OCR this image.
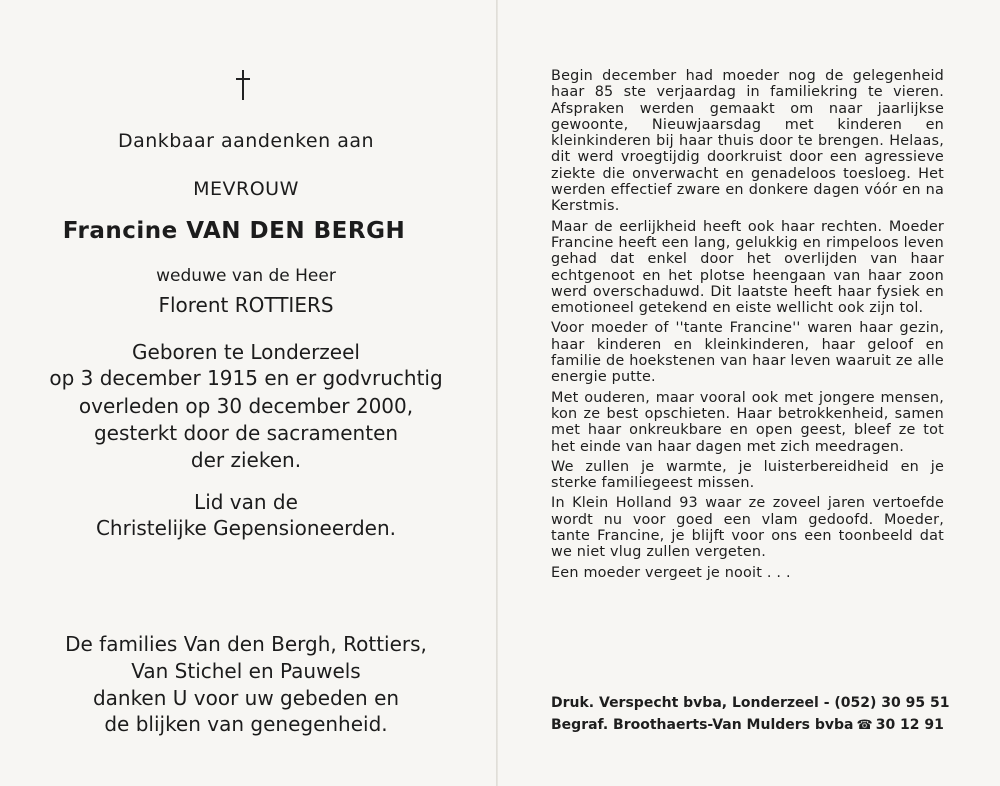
Dankbaar aandenken aan
MEVROUW
Francine VAN DEN BERGH
weduwe van de Heer
Florent ROTTIERS
Geboren te Londerzeel
op 3 december 1915 en er godvruchtig
overleden op 30 december 2000,
gesterkt door de sacramenten
der zieken.
Lid van de
Christelijke Gepensioneerden.
De families Van den Bergh, Rottiers,
Van Stichel en Pauwels
danken U voor uw gebeden en
de blijken van genegenheid.

Begin december had moeder nog de gelegenheid haar 85 ste verjaardag in familiekring te vieren. Afspraken werden gemaakt om naar jaarlijkse gewoonte, Nieuwjaarsdag met kinderen en kleinkinderen bij haar thuis door te brengen. Helaas, dit werd vroegtijdig doorkruist door een agressieve ziekte die onverwacht en genadeloos toesloeg. Het werden effectief zware en donkere dagen vóór en na Kerstmis.

Maar de eerlijkheid heeft ook haar rechten. Moeder Francine heeft een lang, gelukkig en rimpeloos leven gehad dat enkel door het overlijden van haar echtgenoot en het plotse heengaan van haar zoon werd overschaduwd. Dit laatste heeft haar fysiek en emotioneel getekend en eiste wellicht ook zijn tol.

Voor moeder of ''tante Francine'' waren haar gezin, haar kinderen en kleinkinderen, haar geloof en familie de hoekstenen van haar leven waaruit ze alle energie putte.

Met ouderen, maar vooral ook met jongere mensen, kon ze best opschieten. Haar betrokkenheid, samen met haar onkreukbare en open geest, bleef ze tot het einde van haar dagen met zich meedragen.

We zullen je warmte, je luisterbereidheid en je sterke familiegeest missen.

In Klein Holland 93 waar ze zoveel jaren vertoefde wordt nu voor goed een vlam gedoofd. Moeder, tante Francine, je blijft voor ons een toonbeeld dat we niet vlug zullen vergeten.

Een moeder vergeet je nooit . . .

Druk. Verspecht bvba, Londerzeel - (052) 30 95 51
Begraf. Broothaerts-Van Mulders bvba ☎ 30 12 91
